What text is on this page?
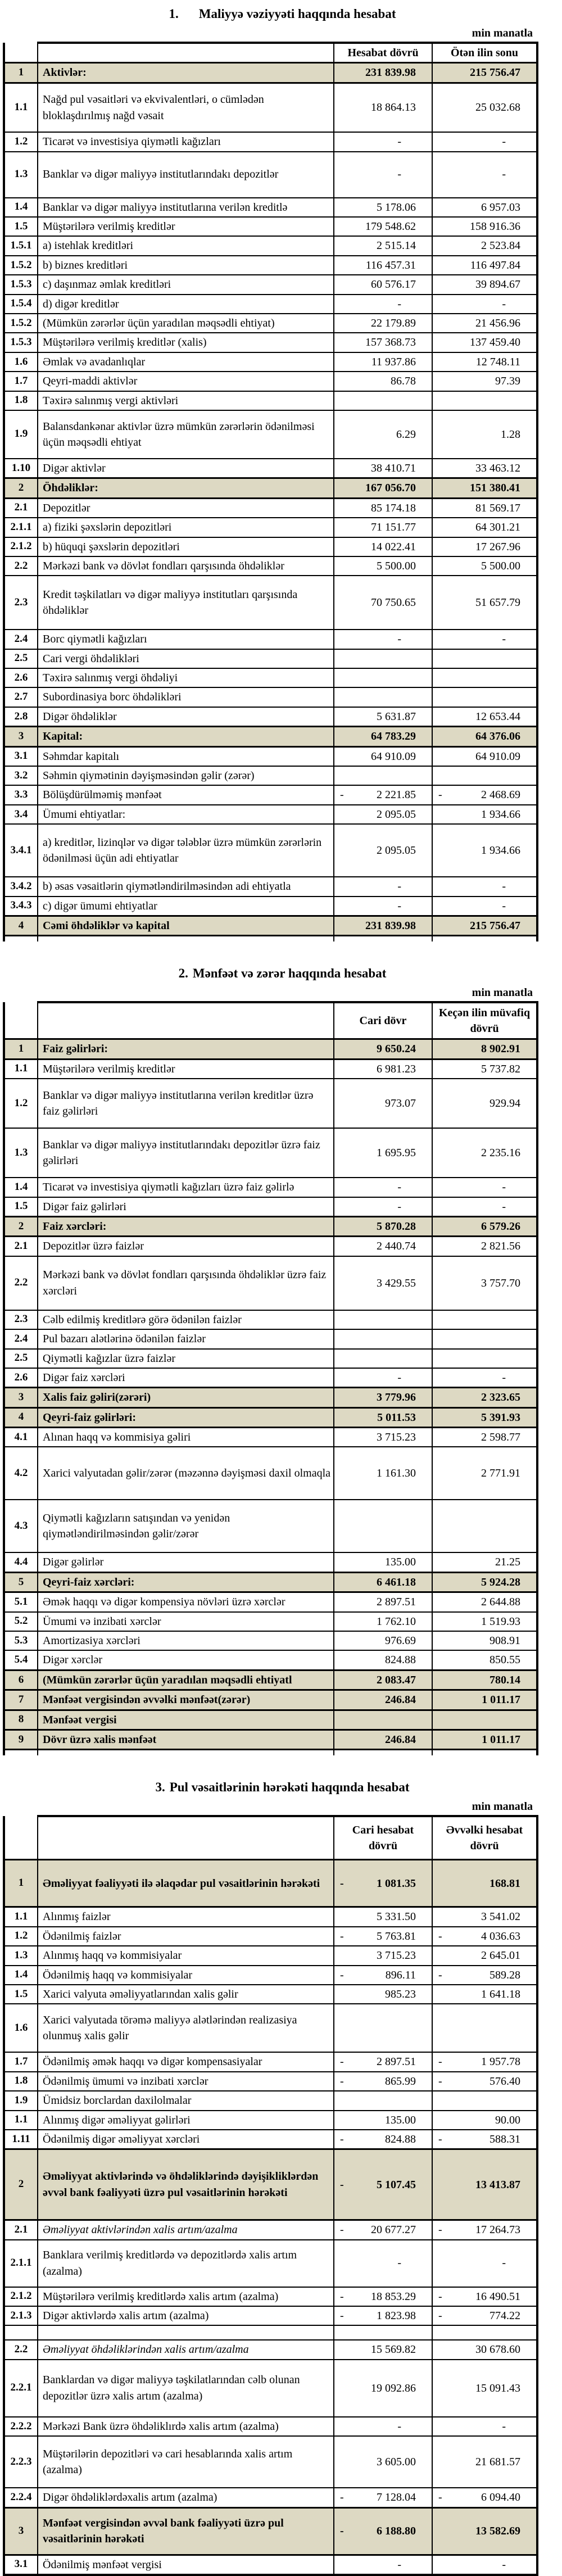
1. Maliyyə vəziyyəti haqqında hesabat
min manatla
		Hesabat dövrü	Ötən ilin sonu
1	Aktivlər:	231 839.98	215 756.47

1.1	Nağd pul vəsaitləri və ekvivalentləri, o cümlədən bloklaşdırılmış nağd vəsait	18 864.13	25 032.68

1.2	Ticarət və investisiya qiymətli kağızları	-	-

1.3	Banklar və digər maliyyə institutlarındakı depozitlər	-	-

1.4	Banklar və digər maliyyə institutlarına verilən kreditlə	5 178.06	6 957.03

1.5	Müştərilərə verilmiş kreditlər	179 548.62	158 916.36

1.5.1	a) istehlak kreditləri	2 515.14	2 523.84

1.5.2	b) biznes kreditləri	116 457.31	116 497.84

1.5.3	c) daşınmaz əmlak kreditləri	60 576.17	39 894.67

1.5.4	d) digər kreditlər	-	-

1.5.2	(Mümkün zərərlər üçün yaradılan məqsədli ehtiyat)	22 179.89	21 456.96

1.5.3	Müştərilərə verilmiş kreditlər (xalis)	157 368.73	137 459.40

1.6	Əmlak və avadanlıqlar	11 937.86	12 748.11

1.7	Qeyri-maddi aktivlər	86.78	97.39

1.8	Təxirə salınmış vergi aktivləri		

1.9	Balansdankənar aktivlər üzrə mümkün zərərlərin ödənilməsi üçün məqsədli ehtiyat	6.29	1.28

1.10	Digər aktivlər	38 410.71	33 463.12

2	Öhdəliklər:	167 056.70	151 380.41

2.1	Depozitlər	85 174.18	81 569.17

2.1.1	a) fiziki şəxslərin depozitləri	71 151.77	64 301.21

2.1.2	b) hüquqi şəxslərin depozitləri	14 022.41	17 267.96

2.2	Mərkəzi bank və dövlət fondları qarşısında öhdəliklər	5 500.00	5 500.00

2.3	Kredit təşkilatları və digər maliyyə institutları qarşısında öhdəliklər	70 750.65	51 657.79

2.4	Borc qiymətli kağızları	-	-

2.5	Cari vergi öhdəlikləri		

2.6	Təxirə salınmış vergi öhdəliyi		

2.7	Subordinasiya borc öhdəlikləri		

2.8	Digər öhdəliklər	5 631.87	12 653.44

3	Kapital:	64 783.29	64 376.06

3.1	Səhmdar kapitalı	64 910.09	64 910.09

3.2	Səhmin qiymətinin dəyişməsindən gəlir (zərər)		

3.3	Bölüşdürülməmiş mənfəət	- 2 221.85	- 2 468.69

3.4	Ümumi ehtiyatlar:	2 095.05	1 934.66

3.4.1	a) kreditlər, lizinqlər və digər tələblər üzrə mümkün zərərlərin ödənilməsi üçün adi ehtiyatlar	2 095.05	1 934.66

3.4.2	b) əsas vəsaitlərin qiymətləndirilməsindən adi ehtiyatla	-	-

3.4.3	c) digər ümumi ehtiyatlar	-	-

4	Cəmi öhdəliklər və kapital	231 839.98	215 756.47

2. Mənfəət və zərər haqqında hesabat
min manatla
		Cari dövr	Keçən ilin müvafiq dövrü
1	Faiz gəlirləri:	9 650.24	8 902.91

1.1	Müştərilərə verilmiş kreditlər	6 981.23	5 737.82

1.2	Banklar və digər maliyyə institutlarına verilən kreditlər üzrə faiz gəlirləri	973.07	929.94

1.3	Banklar və digər maliyyə institutlarındakı depozitlər üzrə faiz gəlirləri	1 695.95	2 235.16

1.4	Ticarət və investisiya qiymətli kağızları üzrə faiz gəlirlə	-	-

1.5	Digər faiz gəlirləri	-	-

2	Faiz xərcləri:	5 870.28	6 579.26

2.1	Depozitlər üzrə faizlər	2 440.74	2 821.56

2.2	Mərkəzi bank və dövlət fondları qarşısında öhdəliklər üzrə faiz xərcləri	3 429.55	3 757.70

2.3	Cəlb edilmiş kreditlərə görə ödənilən faizlər		

2.4	Pul bazarı alətlərinə ödənilən faizlər		

2.5	Qiymətli kağızlar üzrə faizlər		

2.6	Digər faiz xərcləri	-	-

3	Xalis faiz gəliri(zərəri)	3 779.96	2 323.65

4	Qeyri-faiz gəlirləri:	5 011.53	5 391.93

4.1	Alınan haqq və kommisiya gəliri	3 715.23	2 598.77

4.2	Xarici valyutadan gəlir/zərər (məzənnə dəyişməsi daxil olmaqla	1 161.30	2 771.91

4.3	Qiymətli kağızların satışından və yenidən qiymətləndirilməsindən gəlir/zərər		

4.4	Digər gəlirlər	135.00	21.25

5	Qeyri-faiz xərcləri:	6 461.18	5 924.28

5.1	Əmək haqqı və digər kompensiya növləri üzrə xərclər	2 897.51	2 644.88

5.2	Ümumi və inzibati xərclər	1 762.10	1 519.93

5.3	Amortizasiya xərcləri	976.69	908.91

5.4	Digər xərclər	824.88	850.55

6	(Mümkün zərərlər üçün yaradılan məqsədli ehtiyatl	2 083.47	780.14

7	Mənfəət vergisindən əvvəlki mənfəət(zərər)	246.84	1 011.17

8	Mənfəət vergisi		

9	Dövr üzrə xalis mənfəət	246.84	1 011.17

3. Pul vəsaitlərinin hərəkəti haqqında hesabat
min manatla
		Cari hesabat dövrü	Əvvəlki hesabat dövrü
1	Əməliyyat fəaliyyəti ilə əlaqədar pul vəsaitlərinin hərəkəti	- 1 081.35	168.81

1.1	Alınmış faizlər	5 331.50	3 541.02

1.2	Ödənilmiş faizlər	- 5 763.81	- 4 036.63

1.3	Alınmış haqq və kommisiyalar	3 715.23	2 645.01

1.4	Ödənilmiş haqq və kommisiyalar	- 896.11	- 589.28

1.5	Xarici valyuta əməliyyatlarından xalis gəlir	985.23	1 641.18

1.6	Xarici valyutada törəmə maliyyə alətlərindən realizasiya olunmuş xalis gəlir		

1.7	Ödənilmiş əmək haqqı və digər kompensasiyalar	- 2 897.51	- 1 957.78

1.8	Ödənilmiş ümumi və inzibati xərclər	- 865.99	- 576.40

1.9	Ümidsiz borclardan daxilolmalar		

1.1	Alınmış digər əməliyyat gəlirləri	135.00	90.00

1.11	Ödənilmiş digər əməliyyat xərcləri	- 824.88	- 588.31

2	Əməliyyat aktivlərində və öhdəliklərində dəyişikliklərdən əvvəl bank fəaliyyəti üzrə pul vəsaitlərinin hərəkəti	- 5 107.45	13 413.87

2.1	Əməliyyat aktivlərindən xalis artım/azalma	- 20 677.27	- 17 264.73

2.1.1	Banklara verilmiş kreditlərdə və depozitlərdə xalis artım (azalma)	-	-

2.1.2	Müştərilərə verilmiş kreditlərdə xalis artım (azalma)	- 18 853.29	- 16 490.51

2.1.3	Digər aktivlərdə xalis artım (azalma)	- 1 823.98	- 774.22

2.2	Əməliyyat öhdəliklərindən xalis artım/azalma	15 569.82	30 678.60

2.2.1	Banklardan və digər maliyyə təşkilatlarından cəlb olunan depozitlər üzrə xalis artım (azalma)	19 092.86	15 091.43

2.2.2	Mərkəzi Bank üzrə öhdəliklırdə xalis artım (azalma)	-	-

2.2.3	Müştərilərin depozitləri və cari hesablarında xalis artım (azalma)	3 605.00	21 681.57

2.2.4	Digər öhdəliklərdəxalis artım (azalma)	- 7 128.04	- 6 094.40

3	Mənfəət vergisindən əvvəl bank fəaliyyəti üzrə pul vəsaitlərinin hərəkəti	- 6 188.80	13 582.69

3.1	Ödənilmiş mənfəət vergisi	-	-
